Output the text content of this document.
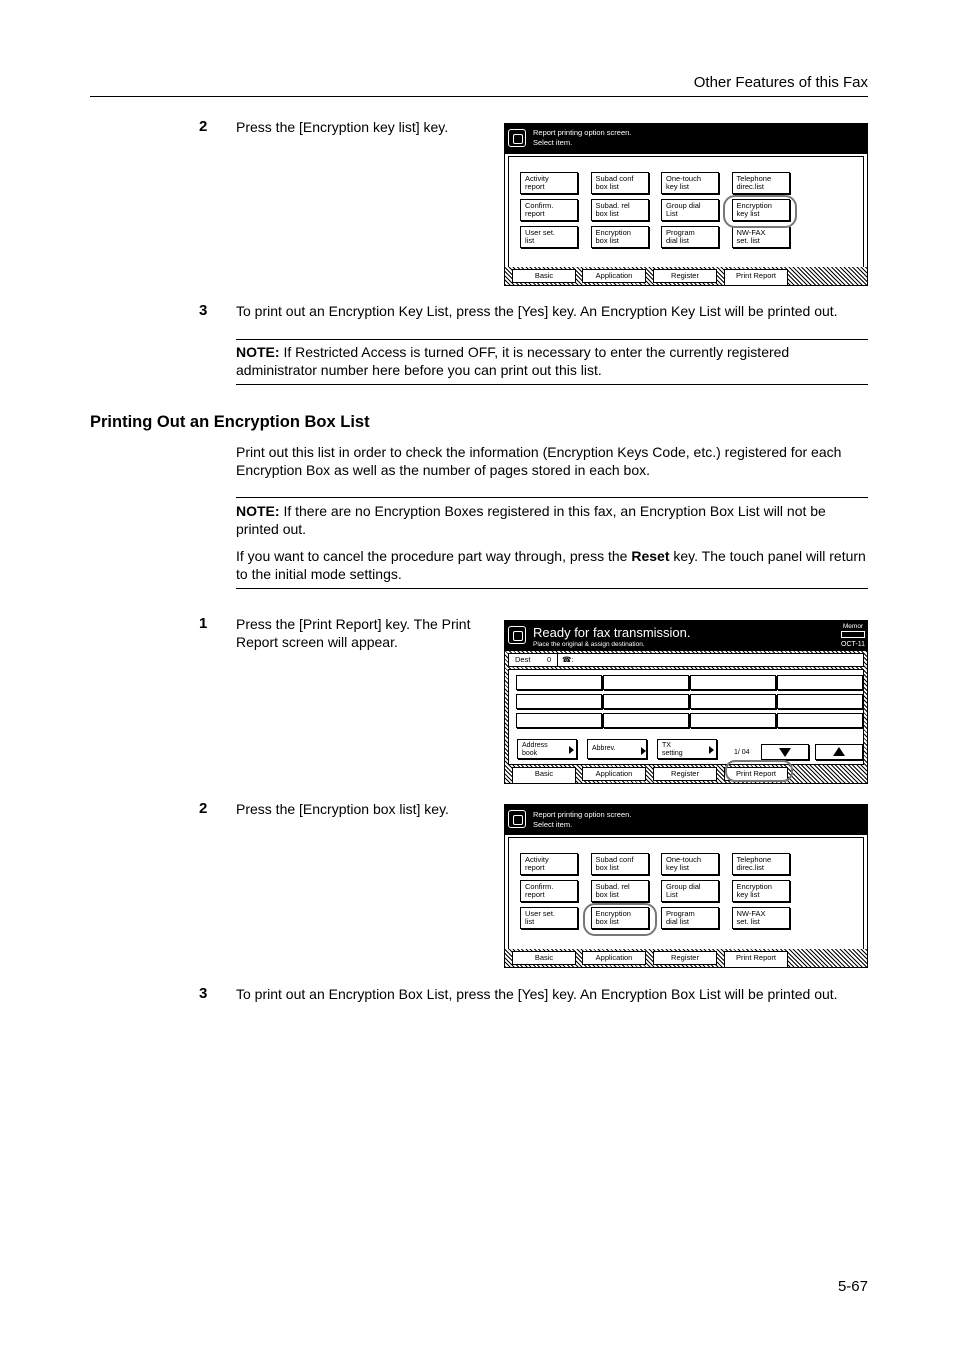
Other Features of this Fax
2 Press the [Encryption key list] key.	Report printing option screen.
Select item.
Activity
report
Subad conf
box list
One-touch
key list
Telephone
direc.list
Confirm.
report
Subad. rel
box list
Group dial
List
Encryption
key list
User set.
list
Encryption
box list
Program
dial list
NW-FAX
set. list
Basic	Application	Register	Print Report
3 To print out an Encryption Key List, press the [Yes] key. An Encryption Key List will be printed out.
NOTE: If Restricted Access is turned OFF, it is necessary to enter the currently registered administrator number here before you can print out this list.
Printing Out an Encryption Box List
Print out this list in order to check the information (Encryption Keys Code, etc.) registered for each Encryption Box as well as the number of pages stored in each box.
NOTE: If there are no Encryption Boxes registered in this fax, an Encryption Box List will not be printed out.
If you want to cancel the procedure part way through, press the Reset key. The touch panel will return to the initial mode settings.
1 Press the [Print Report] key. The Print Report screen will appear.
Ready for fax transmission.
Place the original & assign destination.
Memor
OCT-11
Dest 0 ☎:
Address
book
Abbrev.	TX
setting	1/ 04
Basic	Application	Register	Print Report
2 Press the [Encryption box list] key.	Report printing option screen.
Select item.
Activity
report
Subad conf
box list
One-touch
key list
Telephone
direc.list
Confirm.
report
Subad. rel
box list
Group dial
List
Encryption
key list
User set.
list
Encryption
box list
Program
dial list
NW-FAX
set. list
Basic	Application	Register	Print Report
3 To print out an Encryption Box List, press the [Yes] key. An Encryption Box List will be printed out.
5-67
